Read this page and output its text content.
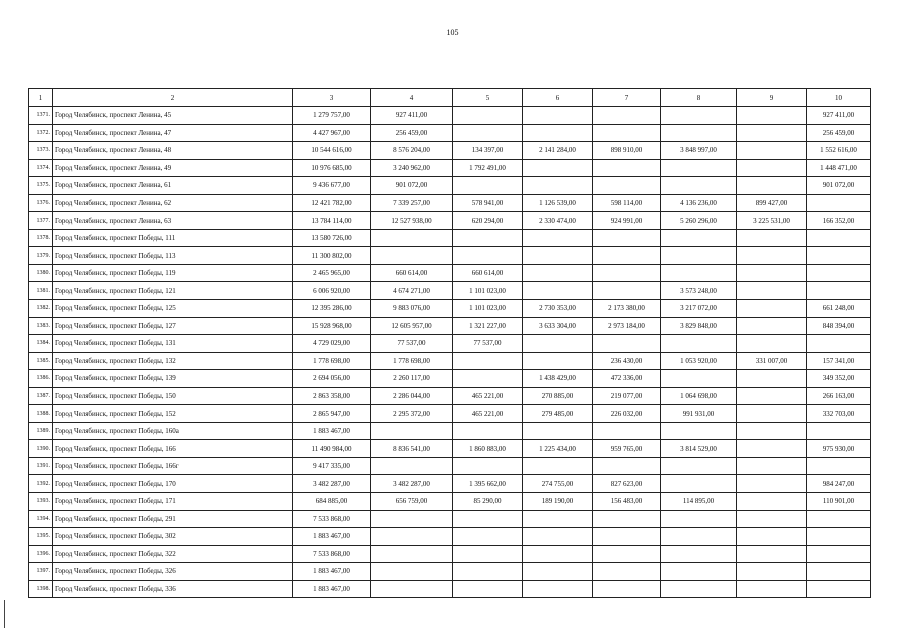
105
1	2	3	4	5	6	7	8	9	10
1371.	Город Челябинск, проспект Ленина, 45	1 279 757,00	927 411,00						927 411,00
1372.	Город Челябинск, проспект Ленина, 47	4 427 967,00	256 459,00						256 459,00
1373.	Город Челябинск, проспект Ленина, 48	10 544 616,00	8 576 204,00	134 397,00	2 141 284,00	898 910,00	3 848 997,00		1 552 616,00
1374.	Город Челябинск, проспект Ленина, 49	10 976 685,00	3 240 962,00	1 792 491,00					1 448 471,00
1375.	Город Челябинск, проспект Ленина, 61	9 436 677,00	901 072,00						901 072,00
1376.	Город Челябинск, проспект Ленина, 62	12 421 782,00	7 339 257,00	578 941,00	1 126 539,00	598 114,00	4 136 236,00	899 427,00	
1377.	Город Челябинск, проспект Ленина, 63	13 784 114,00	12 527 938,00	620 294,00	2 330 474,00	924 991,00	5 260 296,00	3 225 531,00	166 352,00
1378.	Город Челябинск, проспект Победы, 111	13 580 726,00							
1379.	Город Челябинск, проспект Победы, 113	11 300 802,00							
1380.	Город Челябинск, проспект Победы, 119	2 465 965,00	660 614,00	660 614,00					
1381.	Город Челябинск, проспект Победы, 121	6 006 920,00	4 674 271,00	1 101 023,00			3 573 248,00		
1382.	Город Челябинск, проспект Победы, 125	12 395 286,00	9 883 076,00	1 101 023,00	2 730 353,00	2 173 380,00	3 217 072,00		661 248,00
1383.	Город Челябинск, проспект Победы, 127	15 928 968,00	12 605 957,00	1 321 227,00	3 633 304,00	2 973 184,00	3 829 848,00		848 394,00
1384.	Город Челябинск, проспект Победы, 131	4 729 029,00	77 537,00	77 537,00					
1385.	Город Челябинск, проспект Победы, 132	1 778 698,00	1 778 698,00			236 430,00	1 053 920,00	331 007,00	157 341,00
1386.	Город Челябинск, проспект Победы, 139	2 694 056,00	2 260 117,00		1 438 429,00	472 336,00			349 352,00
1387.	Город Челябинск, проспект Победы, 150	2 863 358,00	2 286 044,00	465 221,00	270 885,00	219 077,00	1 064 698,00		266 163,00
1388.	Город Челябинск, проспект Победы, 152	2 865 947,00	2 295 372,00	465 221,00	279 485,00	226 032,00	991 931,00		332 703,00
1389.	Город Челябинск, проспект Победы, 160а	1 883 467,00							
1390.	Город Челябинск, проспект Победы, 166	11 490 984,00	8 836 541,00	1 860 883,00	1 225 434,00	959 765,00	3 814 529,00		975 930,00
1391.	Город Челябинск, проспект Победы, 166г	9 417 335,00							
1392.	Город Челябинск, проспект Победы, 170	3 482 287,00	3 482 287,00	1 395 662,00	274 755,00	827 623,00			984 247,00
1393.	Город Челябинск, проспект Победы, 171	684 885,00	656 759,00	85 290,00	189 190,00	156 483,00	114 895,00		110 901,00
1394.	Город Челябинск, проспект Победы, 291	7 533 868,00							
1395.	Город Челябинск, проспект Победы, 302	1 883 467,00							
1396.	Город Челябинск, проспект Победы, 322	7 533 868,00							
1397.	Город Челябинск, проспект Победы, 326	1 883 467,00							
1398.	Город Челябинск, проспект Победы, 336	1 883 467,00							
